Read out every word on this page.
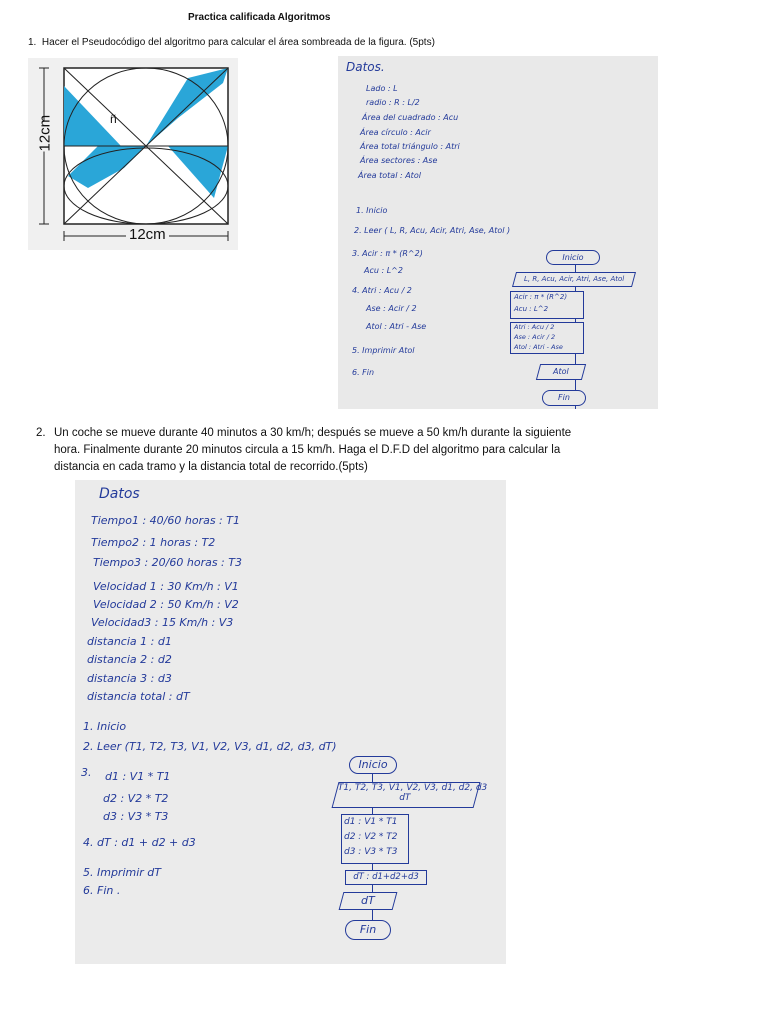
Practica calificada Algoritmos
1. Hacer el Pseudocódigo del algoritmo para calcular el área sombreada de la figura. (5pts)
12cm
12cm
ñ
Datos.
Lado : L
radio : R : L/2
Área del cuadrado : Acu
Área círculo : Acir
Área total triángulo : Atri
Área sectores : Ase
Área total : Atol
1. Inicio
2. Leer ( L, R, Acu, Acir, Atri, Ase, Atol )
3. Acir : π * (R^2)
Acu : L^2
4. Atri : Acu / 2
Ase : Acir / 2
Atol : Atri - Ase
5. Imprimir Atol
6. Fin
Inicio
L, R, Acu, Acir, Atri, Ase, Atol
Acir : π * (R^2)
Acu : L^2
Atri : Acu / 2
Ase : Acir / 2
Atol : Atri - Ase
Atol
Fin
2. Un coche se mueve durante 40 minutos a 30 km/h; después se mueve a 50 km/h durante la siguiente hora. Finalmente durante 20 minutos circula a 15 km/h. Haga el D.F.D del algoritmo para calcular la distancia en cada tramo y la distancia total de recorrido.(5pts)
Datos
Tiempo1 : 40/60 horas : T1
Tiempo2 : 1 horas : T2
Tiempo3 : 20/60 horas : T3
Velocidad 1 : 30 Km/h : V1
Velocidad 2 : 50 Km/h : V2
Velocidad3 : 15 Km/h : V3
distancia 1 : d1
distancia 2 : d2
distancia 3 : d3
distancia total : dT
1. Inicio
2. Leer (T1, T2, T3, V1, V2, V3, d1, d2, d3, dT)
3. d1 : V1 * T1
d2 : V2 * T2
d3 : V3 * T3
4. dT : d1 + d2 + d3
5. Imprimir dT
6. Fin .
Inicio
T1, T2, T3, V1, V2, V3, d1, d2, d3
dT
d1 : V1 * T1
d2 : V2 * T2
d3 : V3 * T3
dT : d1+d2+d3
dT
Fin
